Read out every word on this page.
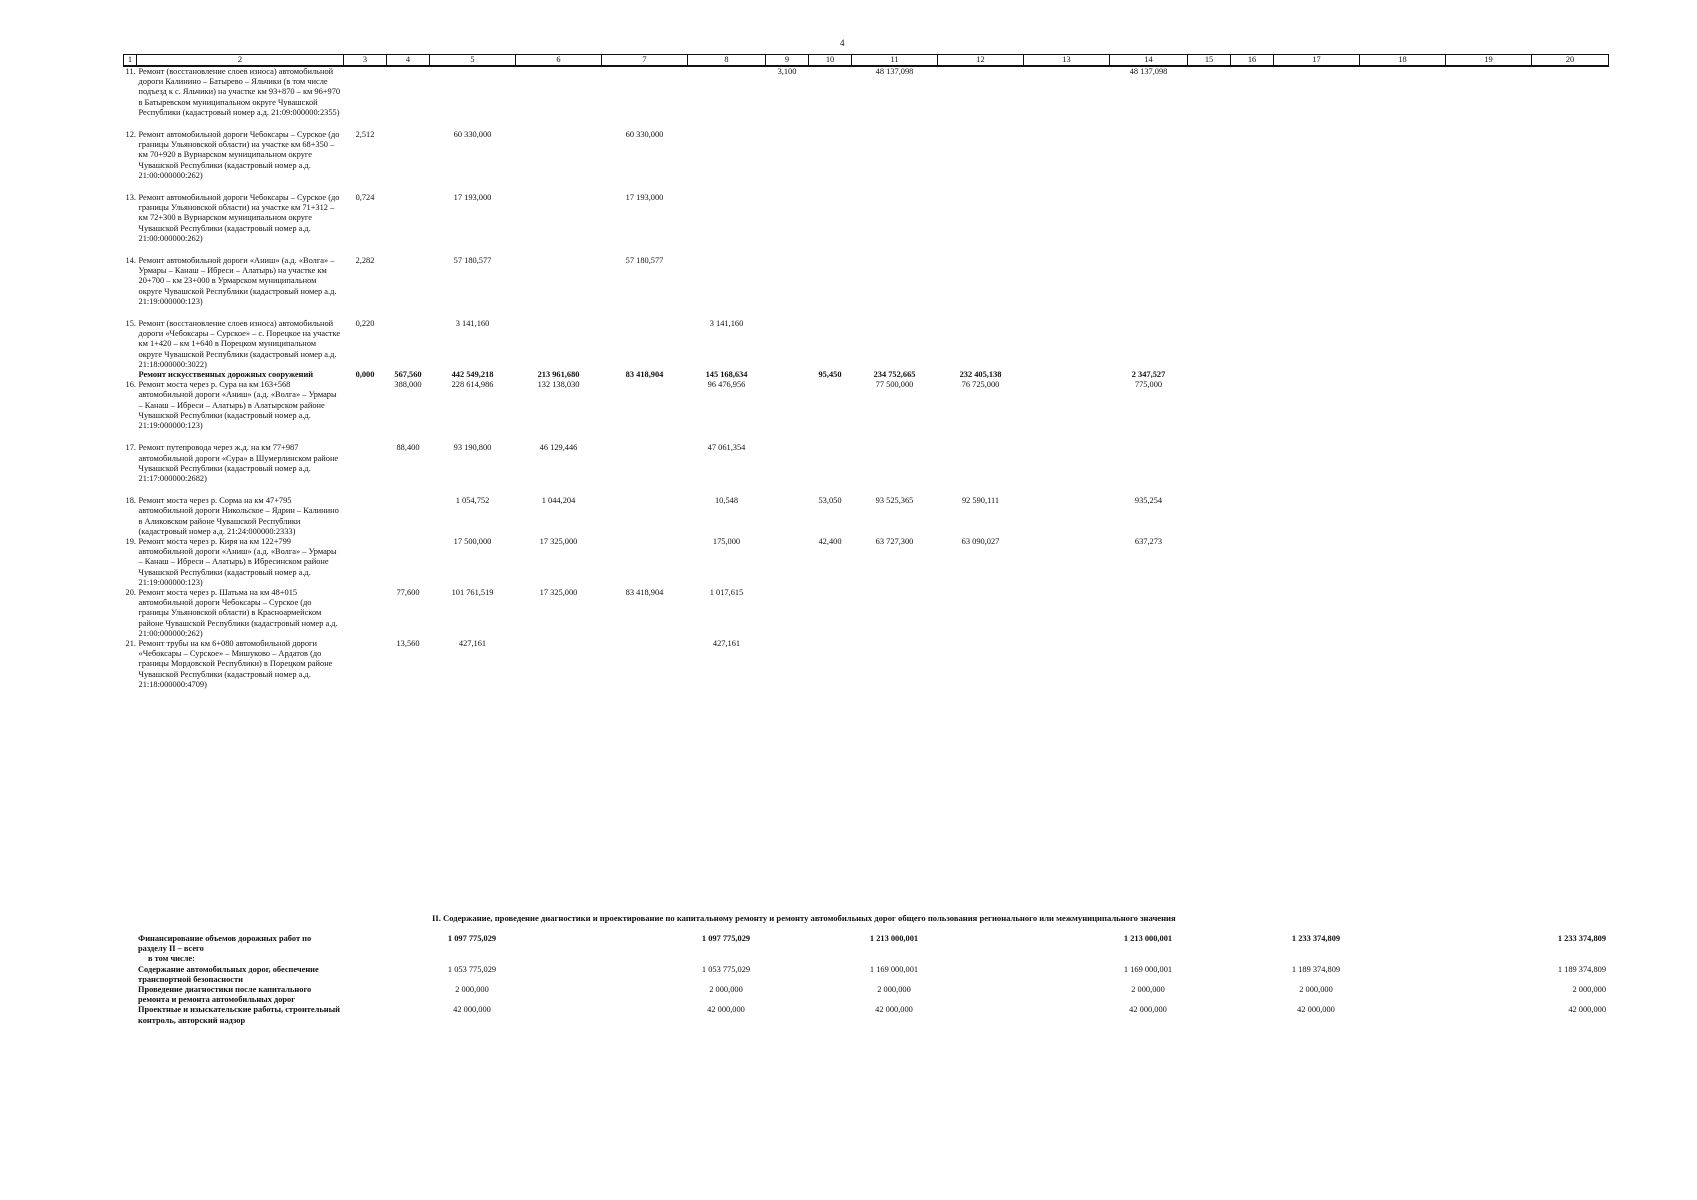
4
1	2	3	4	5	6	7	8	9	10	11	12	13	14	15	16	17	18	19	20
11.	Ремонт (восстановление слоев износа) автомобильной дороги Калинино – Батырево – Яльчики (в том числе подъезд к с. Яльчики) на участке км 93+870 – км 96+970 в Батыревском муниципальном округе Чувашской Республики (кадастровый номер а.д. 21:09:000000:2355)							3,100		48 137,098			48 137,098						

12.	Ремонт автомобильной дороги Чебоксары – Сурское (до границы Ульяновской области) на участке км 68+350 – км 70+920 в Вурнарском муниципальном округе Чувашской Республики (кадастровый номер а.д. 21:00:000000:262)	2,512		60 330,000		60 330,000													

13.	Ремонт автомобильной дороги Чебоксары – Сурское (до границы Ульяновской области) на участке км 71+312 – км 72+300 в Вурнарском муниципальном округе Чувашской Республики (кадастровый номер а.д. 21:00:000000:262)	0,724		17 193,000		17 193,000													

14.	Ремонт автомобильной дороги «Аниш» (а.д. «Волга» – Урмары – Канаш – Ибреси – Алатырь) на участке км 20+700 – км 23+000 в Урмарском муниципальном округе Чувашской Республики (кадастровый номер а.д. 21:19:000000:123)	2,282		57 180,577		57 180,577													

15.	Ремонт (восстановление слоев износа) автомобильной дороги «Чебоксары – Сурское» – с. Порецкое на участке км 1+420 – км 1+640 в Порецком муниципальном округе Чувашской Республики (кадастровый номер а.д. 21:18:000000:3022)	0,220		3 141,160			3 141,160												
	Ремонт искусственных дорожных сооружений	0,000	567,560	442 549,218	213 961,680	83 418,904	145 168,634		95,450	234 752,665	232 405,138		2 347,527						
16.	Ремонт моста через р. Сура на км 163+568 автомобильной дороги «Аниш» (а.д. «Волга» – Урмары – Канаш – Ибреси – Алатырь) в Алатырском районе Чувашской Республики (кадастровый номер а.д. 21:19:000000:123)		388,000	228 614,986	132 138,030		96 476,956			77 500,000	76 725,000		775,000						

17.	Ремонт путепровода через ж.д. на км 77+987 автомобильной дороги «Сура» в Шумерлинском районе Чувашской Республики (кадастровый номер а.д. 21:17:000000:2682)		88,400	93 190,800	46 129,446		47 061,354												

18.	Ремонт моста через р. Сорма на км 47+795 автомобильной дороги Никольское – Ядрин – Калинино в Аликовском районе Чувашской Республики (кадастровый номер а.д. 21:24:000000:2333)			1 054,752	1 044,204		10,548		53,050	93 525,365	92 590,111		935,254						
19.	Ремонт моста через р. Киря на км 122+799 автомобильной дороги «Аниш» (а.д. «Волга» – Урмары – Канаш – Ибреси – Алатырь) в Ибресинском районе Чувашской Республики (кадастровый номер а.д. 21:19:000000:123)			17 500,000	17 325,000		175,000		42,400	63 727,300	63 090,027		637,273						
20.	Ремонт моста через р. Шатьма на км 48+015 автомобильной дороги Чебоксары – Сурское (до границы Ульяновской области) в Красноармейском районе Чувашской Республики (кадастровый номер а.д. 21:00:000000:262)		77,600	101 761,519	17 325,000	83 418,904	1 017,615												
21.	Ремонт трубы на км 6+080 автомобильной дороги «Чебоксары – Сурское» – Мишуково – Ардатов (до границы Мордовской Республики) в Порецком районе Чувашской Республики (кадастровый номер а.д. 21:18:000000:4709)		13,560	427,161			427,161												
II. Содержание, проведение диагностики и проектирование по капитальному ремонту и ремонту автомобильных дорог общего пользования регионального или межмуниципального значения
	Финансирование объемов дорожных работ по разделу II – всего			1 097 775,029			1 097 775,029			1 213 000,001			1 213 000,001			1 233 374,809			1 233 374,809
	в том числе:																		
	Содержание автомобильных дорог, обеспечение транспортной безопасности			1 053 775,029			1 053 775,029			1 169 000,001			1 169 000,001			1 189 374,809			1 189 374,809
	Проведение диагностики после капитального ремонта и ремонта автомобильных дорог			2 000,000			2 000,000			2 000,000			2 000,000			2 000,000			2 000,000
	Проектные и изыскательские работы, строительный контроль, авторский надзор			42 000,000			42 000,000			42 000,000			42 000,000			42 000,000			42 000,000
